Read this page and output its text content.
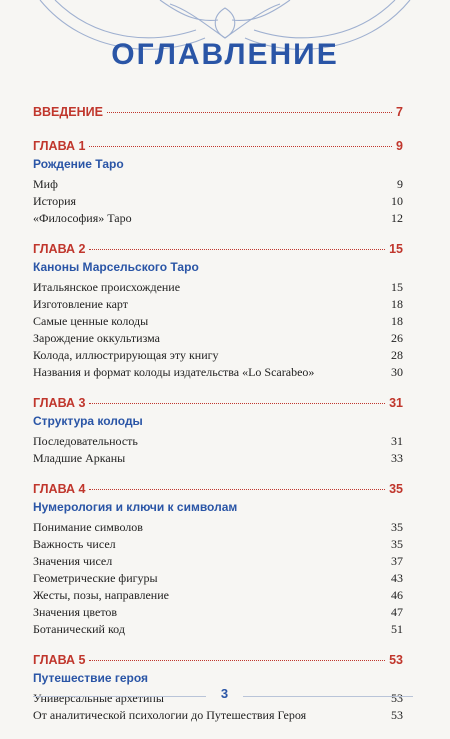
ОГЛАВЛЕНИЕ
ВВЕДЕНИЕ	7
ГЛАВА 1	9
Рождение Таро
Миф	9
История	10
«Философия» Таро	12
ГЛАВА 2	15
Каноны Марсельского Таро
Итальянское происхождение	15
Изготовление карт	18
Самые ценные колоды	18
Зарождение оккультизма	26
Колода, иллюстрирующая эту книгу	28
Названия и формат колоды издательства «Lo Scarabeo»	30
ГЛАВА 3	31
Структура колоды
Последовательность	31
Младшие Арканы	33
ГЛАВА 4	35
Нумерология и ключи к символам
Понимание символов	35
Важность чисел	35
Значения чисел	37
Геометрические фигуры	43
Жесты, позы, направление	46
Значения цветов	47
Ботанический код	51
ГЛАВА 5	53
Путешествие героя
Универсальные архетипы	53
От аналитической психологии до Путешествия Героя	53
3
